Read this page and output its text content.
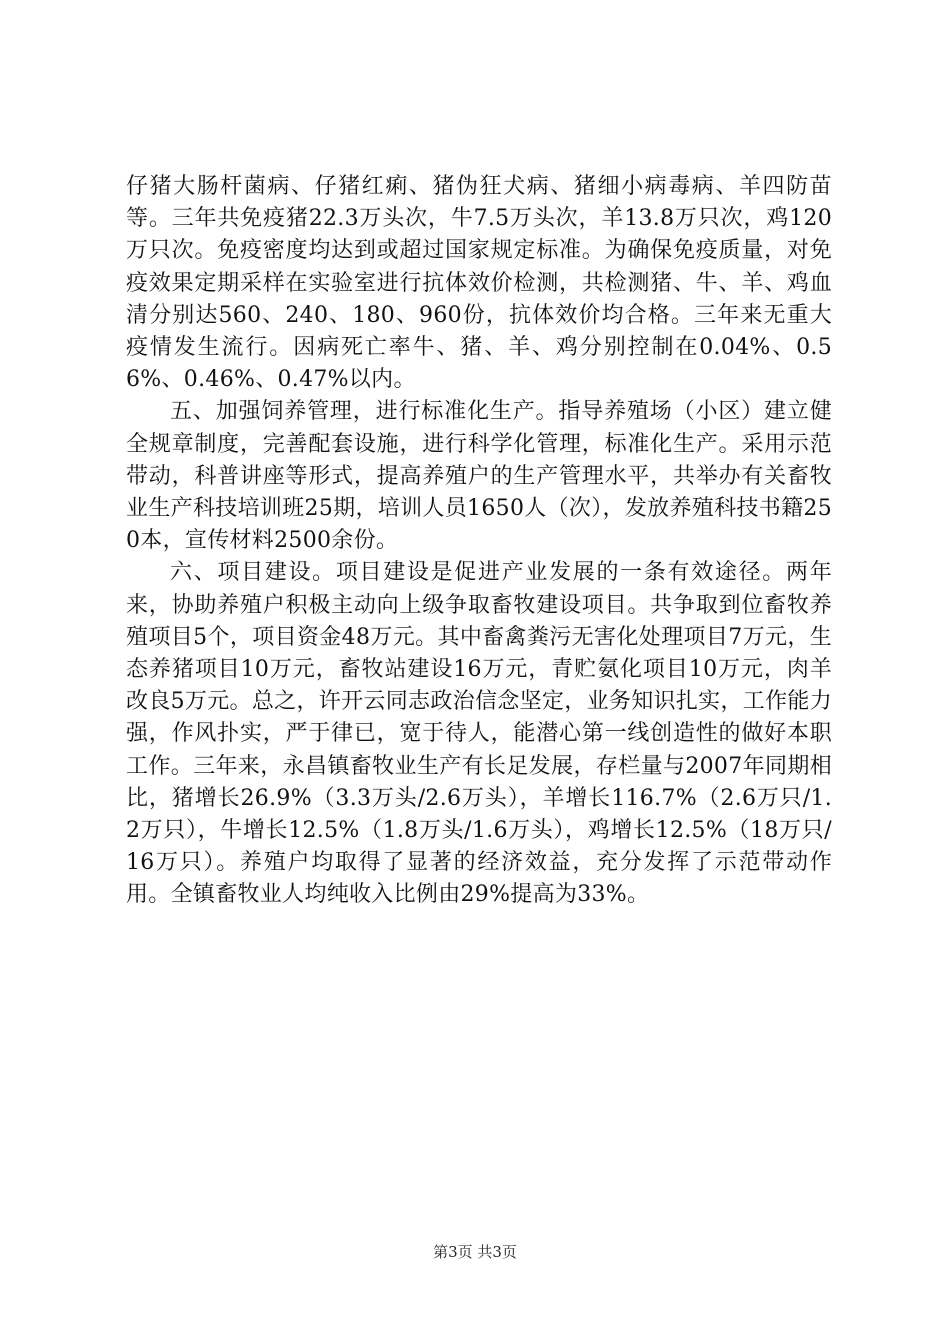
仔猪大肠杆菌病、仔猪红痢、猪伪狂犬病、猪细小病毒病、羊四防苗等。三年共免疫猪22.3万头次，牛7.5万头次，羊13.8万只次，鸡120万只次。免疫密度均达到或超过国家规定标准。为确保免疫质量，对免疫效果定期采样在实验室进行抗体效价检测，共检测猪、牛、羊、鸡血清分别达560、240、180、960份，抗体效价均合格。三年来无重大疫情发生流行。因病死亡率牛、猪、羊、鸡分别控制在0.04%、0.56%、0.46%、0.47%以内。

五、加强饲养管理，进行标准化生产。指导养殖场（小区）建立健全规章制度，完善配套设施，进行科学化管理，标准化生产。采用示范带动，科普讲座等形式，提高养殖户的生产管理水平，共举办有关畜牧业生产科技培训班25期，培训人员1650人（次），发放养殖科技书籍250本，宣传材料2500余份。

六、项目建设。项目建设是促进产业发展的一条有效途径。两年来，协助养殖户积极主动向上级争取畜牧建设项目。共争取到位畜牧养殖项目5个，项目资金48万元。其中畜禽粪污无害化处理项目7万元，生态养猪项目10万元，畜牧站建设16万元，青贮氨化项目10万元，肉羊改良5万元。总之，许开云同志政治信念坚定，业务知识扎实，工作能力强，作风扑实，严于律已，宽于待人，能潜心第一线创造性的做好本职工作。三年来，永昌镇畜牧业生产有长足发展，存栏量与2007年同期相比，猪增长26.9%（3.3万头/2.6万头），羊增长116.7%（2.6万只/1.2万只），牛增长12.5%（1.8万头/1.6万头），鸡增长12.5%（18万只/16万只）。养殖户均取得了显著的经济效益，充分发挥了示范带动作用。全镇畜牧业人均纯收入比例由29%提高为33%。

第3页 共3页
